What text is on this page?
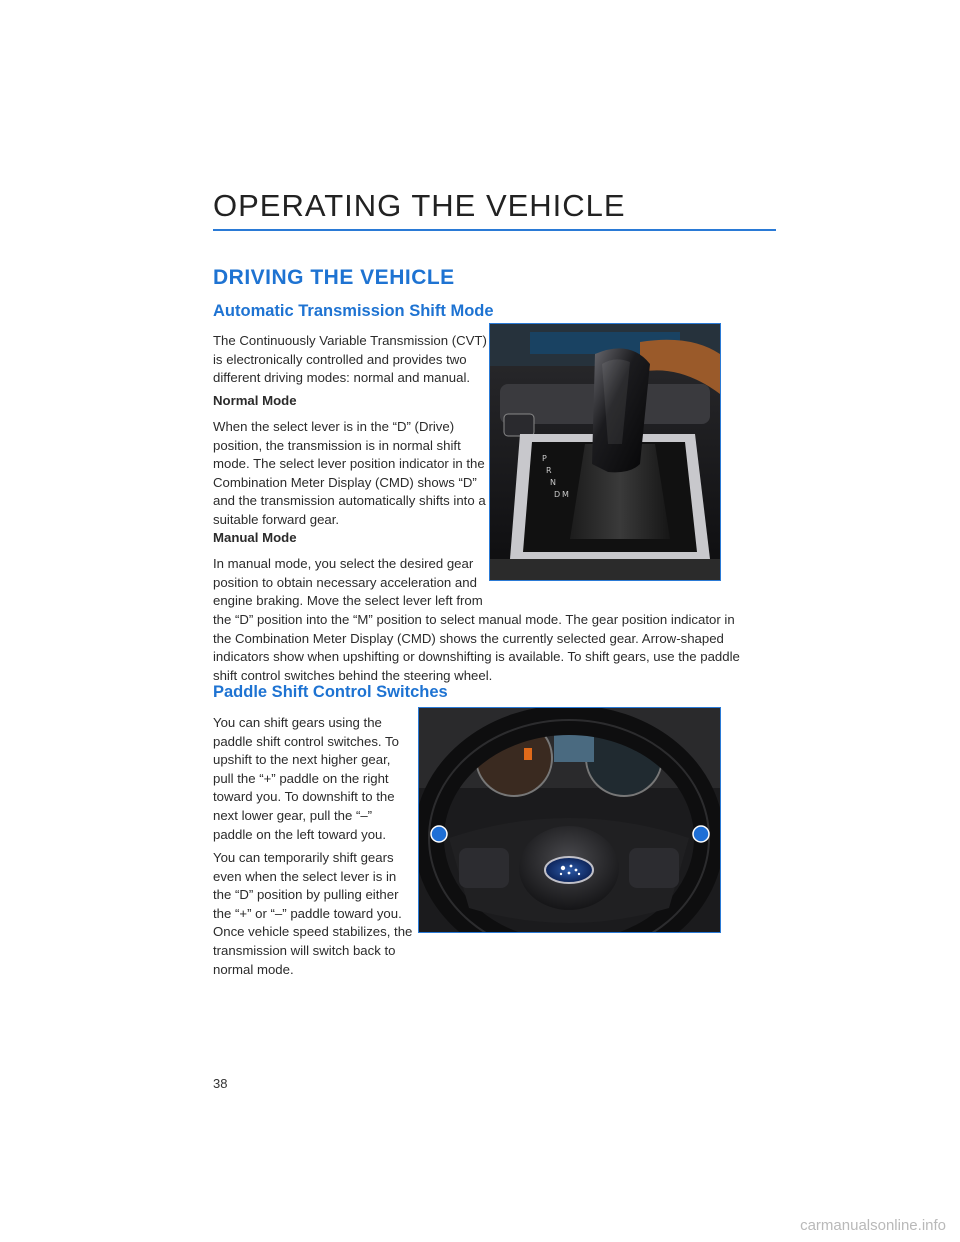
OPERATING THE VEHICLE
DRIVING THE VEHICLE
Automatic Transmission Shift Mode

The Continuously Variable Transmission (CVT)
is electronically controlled and provides two
different driving modes: normal and manual.

Normal Mode

When the select lever is in the “D” (Drive)
position, the transmission is in normal shift
mode. The select lever position indicator in the
Combination Meter Display (CMD) shows “D”
and the transmission automatically shifts into a
suitable forward gear.

Manual Mode

In manual mode, you select the desired gear
position to obtain necessary acceleration and
engine braking. Move the select lever left from

the “D” position into the “M” position to select manual mode. The gear position indicator in
the Combination Meter Display (CMD) shows the currently selected gear. Arrow-shaped
indicators show when upshifting or downshifting is available. To shift gears, use the paddle
shift control switches behind the steering wheel.

P
R
N
D M
Paddle Shift Control Switches

You can shift gears using the
paddle shift control switches. To
upshift to the next higher gear,
pull the “+” paddle on the right
toward you. To downshift to the
next lower gear, pull the “–”
paddle on the left toward you.

You can temporarily shift gears
even when the select lever is in
the “D” position by pulling either
the “+” or “–” paddle toward you.
Once vehicle speed stabilizes, the
transmission will switch back to
normal mode.

38
carmanualsonline.info
